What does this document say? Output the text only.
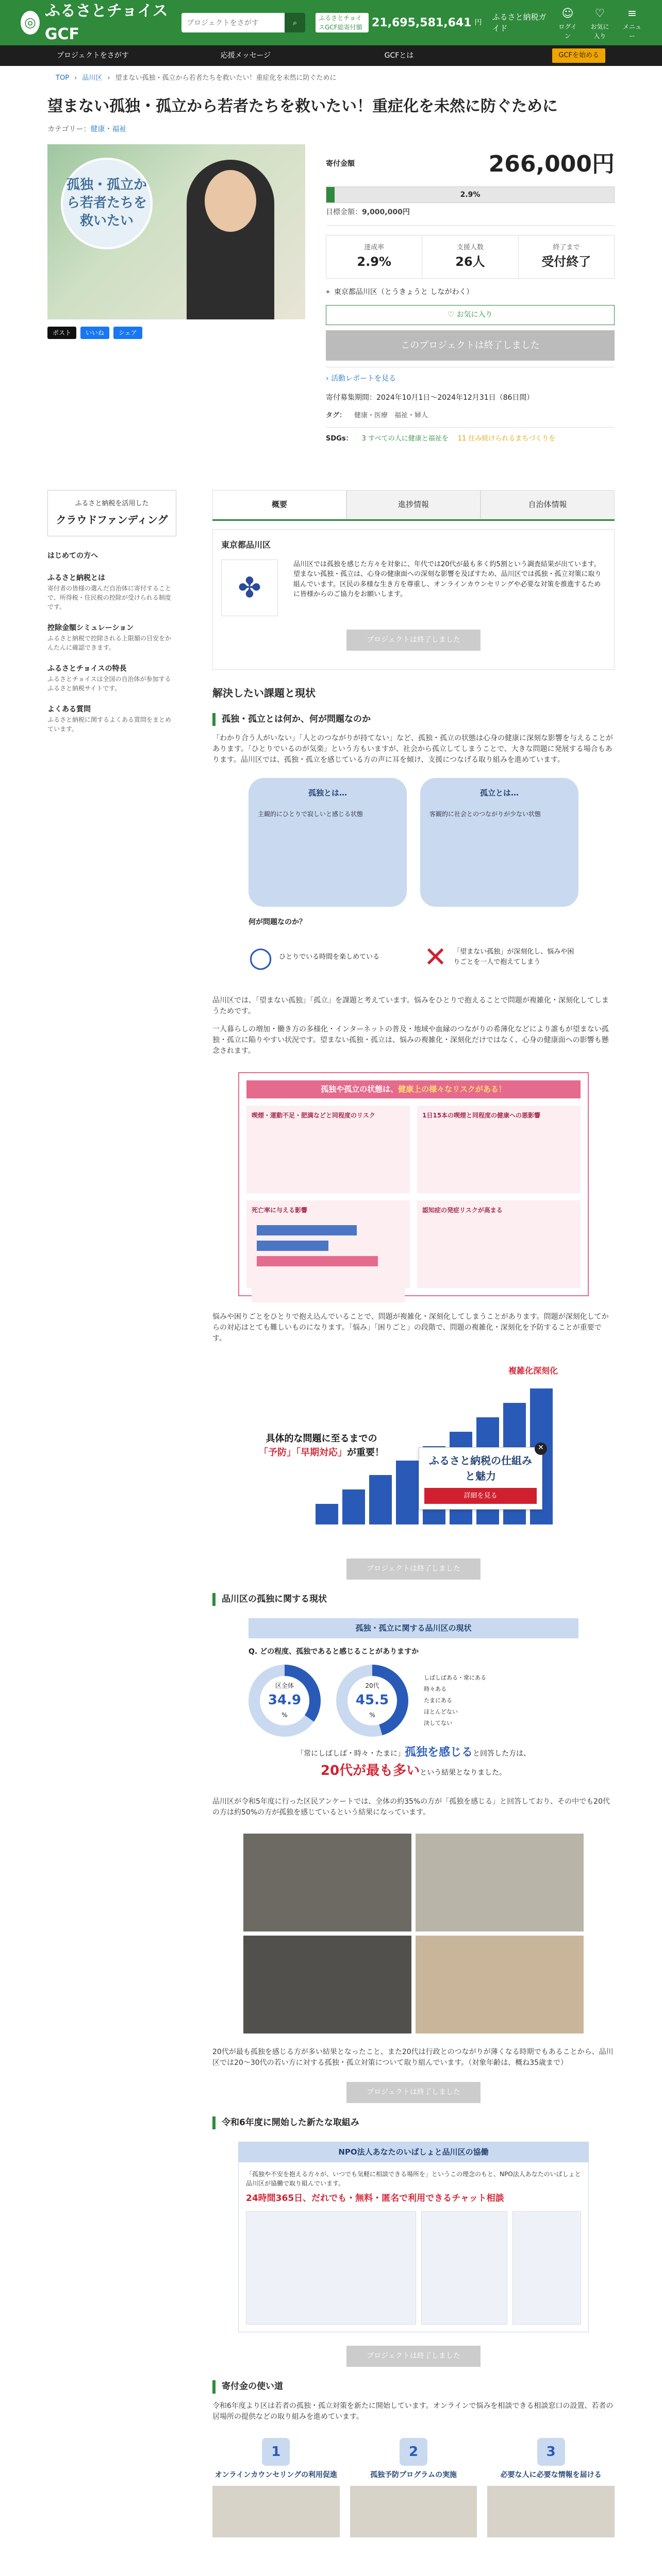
◎
ふるさとチョイスGCF
プロジェクトをさがす
⌕	ふるさとチョイスGCF総寄付額 21,695,581,641 円
ふるさと納税ガイド
☺
ログイン
♡
お気に入り
≡
メニュー
プロジェクトをさがす	応援メッセージ	GCFとは	GCFを始める
TOP › 品川区 › 望まない孤独・孤立から若者たちを救いたい！重症化を未然に防ぐために
望まない孤独・孤立から若者たちを救いたい！重症化を未然に防ぐために
カテゴリー：健康・福祉
孤独・孤立から若者たちを救いたい
ポスト	いいね	シェア
寄付金額	266,000円
2.9%
目標金額：9,000,000円
達成率
2.9%
支援人数
26人
終了まで
受付終了
⌖ 東京都品川区（とうきょうと しながわく）
♡ お気に入り
このプロジェクトは終了しました
› 活動レポートを見る
寄付募集期間：2024年10月1日〜2024年12月31日（86日間）
タグ： 健康・医療　 福祉・婦人
SDGs： 3 すべての人に健康と福祉を 11 住み続けられるまちづくりを
ふるさと納税を活用した
クラウドファンディング
はじめての方へ
ふるさと納税とは
寄付者の皆様の選んだ自治体に寄付することで、所得税・住民税の控除が受けられる制度です。
控除金額シミュレーション
ふるさと納税で控除される上限額の目安をかんたんに確認できます。
ふるさとチョイスの特長
ふるさとチョイスは全国の自治体が参加するふるさと納税サイトです。
よくある質問
ふるさと納税に関するよくある質問をまとめています。
概要	進捗情報	自治体情報
東京都品川区
✤
品川区では孤独を感じた方々を対象に、年代では20代が最も多く約5割という調査結果が出ています。望まない孤独・孤立は、心身の健康面への深刻な影響を及ぼすため、品川区では孤独・孤立対策に取り組んでいます。区民の多様な生き方を尊重し、オンラインカウンセリングや必要な対策を推進するために皆様からのご協力をお願いします。
プロジェクトは終了しました
解決したい課題と現状
孤独・孤立とは何か、何が問題なのか

「わかり合う人がいない」「人とのつながりが持てない」など、孤独・孤立の状態は心身の健康に深刻な影響を与えることがあります。「ひとりでいるのが気楽」という方もいますが、社会から孤立してしまうことで、大きな問題に発展する場合もあります。品川区では、孤独・孤立を感じている方の声に耳を傾け、支援につなげる取り組みを進めています。

孤独とは…
主観的にひとりで寂しいと感じる状態
孤立とは…
客観的に社会とのつながりが少ない状態
何が問題なのか？
○ ひとりでいる時間を楽しめている ✕ 「望まない孤独」が深刻化し、悩みや困りごとを一人で抱えてしまう

品川区では、「望まない孤独」「孤立」を課題と考えています。悩みをひとりで抱えることで問題が複雑化・深刻化してしまうためです。

一人暮らしの増加・働き方の多様化・インターネットの普及・地域や血縁のつながりの希薄化などにより誰もが望まない孤独・孤立に陥りやすい状況です。望まない孤独・孤立は、悩みの複雑化・深刻化だけではなく、心身の健康面への影響も懸念されます。

孤独や孤立の状態は、健康上の様々なリスクがある！
喫煙・運動不足・肥満などと同程度のリスク	1日15本の喫煙と同程度の健康への悪影響
死亡率に与える影響	認知症の発症リスクが高まる

悩みや困りごとをひとりで抱え込んでいることで、問題が複雑化・深刻化してしまうことがあります。問題が深刻化してからの対応はとても難しいものになります。「悩み」「困りごと」の段階で、問題の複雑化・深刻化を予防することが重要です。

具体的な問題に至るまでの
「予防」「早期対応」が重要！
複雑化深刻化
✕
ふるさと納税の仕組みと魅力
詳細を見る
プロジェクトは終了しました
品川区の孤独に関する現状
孤独・孤立に関する品川区の現状
Q. どの程度、孤独であると感じることがありますか
区全体
34.9
%
20代
45.5
%
しばしばある・常にある
時々ある
たまにある
ほとんどない
決してない
「常にしばしば・時々・たまに」孤独を感じると回答した方は、
20代が最も多いという結果となりました。

品川区が令和5年度に行った区民アンケートでは、全体の約35%の方が「孤独を感じる」と回答しており、その中でも20代の方は約50%の方が孤独を感じているという結果になっています。

20代が最も孤独を感じる方が多い結果となったこと、また20代は行政とのつながりが薄くなる時期でもあることから、品川区では20〜30代の若い方に対する孤独・孤立対策について取り組んでいます。（対象年齢は、概ね35歳まで）

プロジェクトは終了しました
令和6年度に開始した新たな取組み
NPO法人あなたのいばしょと品川区の協働
「孤独や不安を抱える方々が、いつでも気軽に相談できる場所を」というこの理念のもと、NPO法人あなたのいばしょと品川区が協働で取り組んでいます。
24時間365日、だれでも・無料・匿名で利用できるチャット相談
プロジェクトは終了しました
寄付金の使い道

令和6年度より区は若者の孤独・孤立対策を新たに開始しています。オンラインで悩みを相談できる相談窓口の設置、若者の居場所の提供などの取り組みを進めています。

1
オンラインカウンセリングの利用促進
2
孤独予防プログラムの実施
3
必要な人に必要な情報を届ける
